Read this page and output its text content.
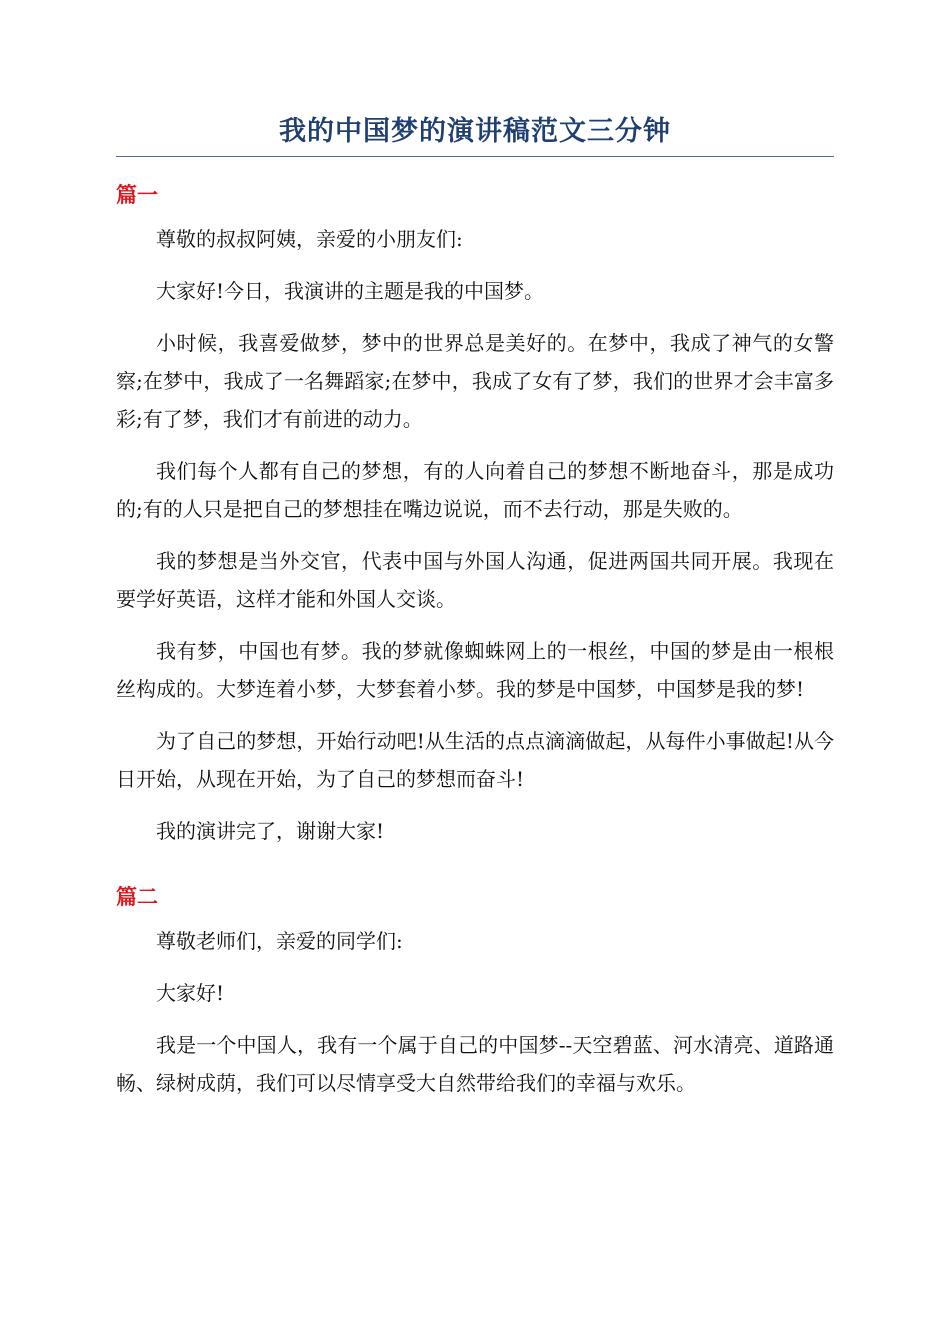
我的中国梦的演讲稿范文三分钟
篇一

尊敬的叔叔阿姨，亲爱的小朋友们:

大家好!今日，我演讲的主题是我的中国梦。

小时候，我喜爱做梦，梦中的世界总是美好的。在梦中，我成了神气的女警察;在梦中，我成了一名舞蹈家;在梦中，我成了女有了梦，我们的世界才会丰富多彩;有了梦，我们才有前进的动力。

我们每个人都有自己的梦想，有的人向着自己的梦想不断地奋斗，那是成功的;有的人只是把自己的梦想挂在嘴边说说，而不去行动，那是失败的。

我的梦想是当外交官，代表中国与外国人沟通，促进两国共同开展。我现在要学好英语，这样才能和外国人交谈。

我有梦，中国也有梦。我的梦就像蜘蛛网上的一根丝，中国的梦是由一根根丝构成的。大梦连着小梦，大梦套着小梦。我的梦是中国梦，中国梦是我的梦!

为了自己的梦想，开始行动吧!从生活的点点滴滴做起，从每件小事做起!从今日开始，从现在开始，为了自己的梦想而奋斗!

我的演讲完了，谢谢大家!

篇二

尊敬老师们，亲爱的同学们:

大家好!

我是一个中国人，我有一个属于自己的中国梦--天空碧蓝、河水清亮、道路通畅、绿树成荫，我们可以尽情享受大自然带给我们的幸福与欢乐。
